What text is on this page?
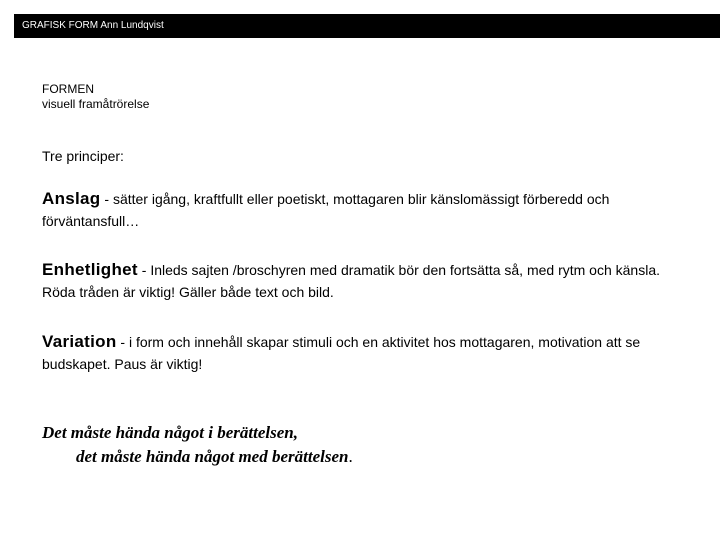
GRAFISK FORM Ann Lundqvist
FORMEN
visuell framåtrörelse
Tre principer:
Anslag - sätter igång, kraftfullt eller poetiskt, mottagaren blir känslomässigt förberedd och förväntansfull…
Enhetlighet - Inleds sajten /broschyren med dramatik bör den fortsätta så, med rytm och känsla. Röda tråden är viktig! Gäller både text och bild.
Variation - i form och innehåll skapar stimuli och en aktivitet hos mottagaren, motivation att se budskapet. Paus är viktig!
Det måste hända något i berättelsen,
det måste hända något med berättelsen.
